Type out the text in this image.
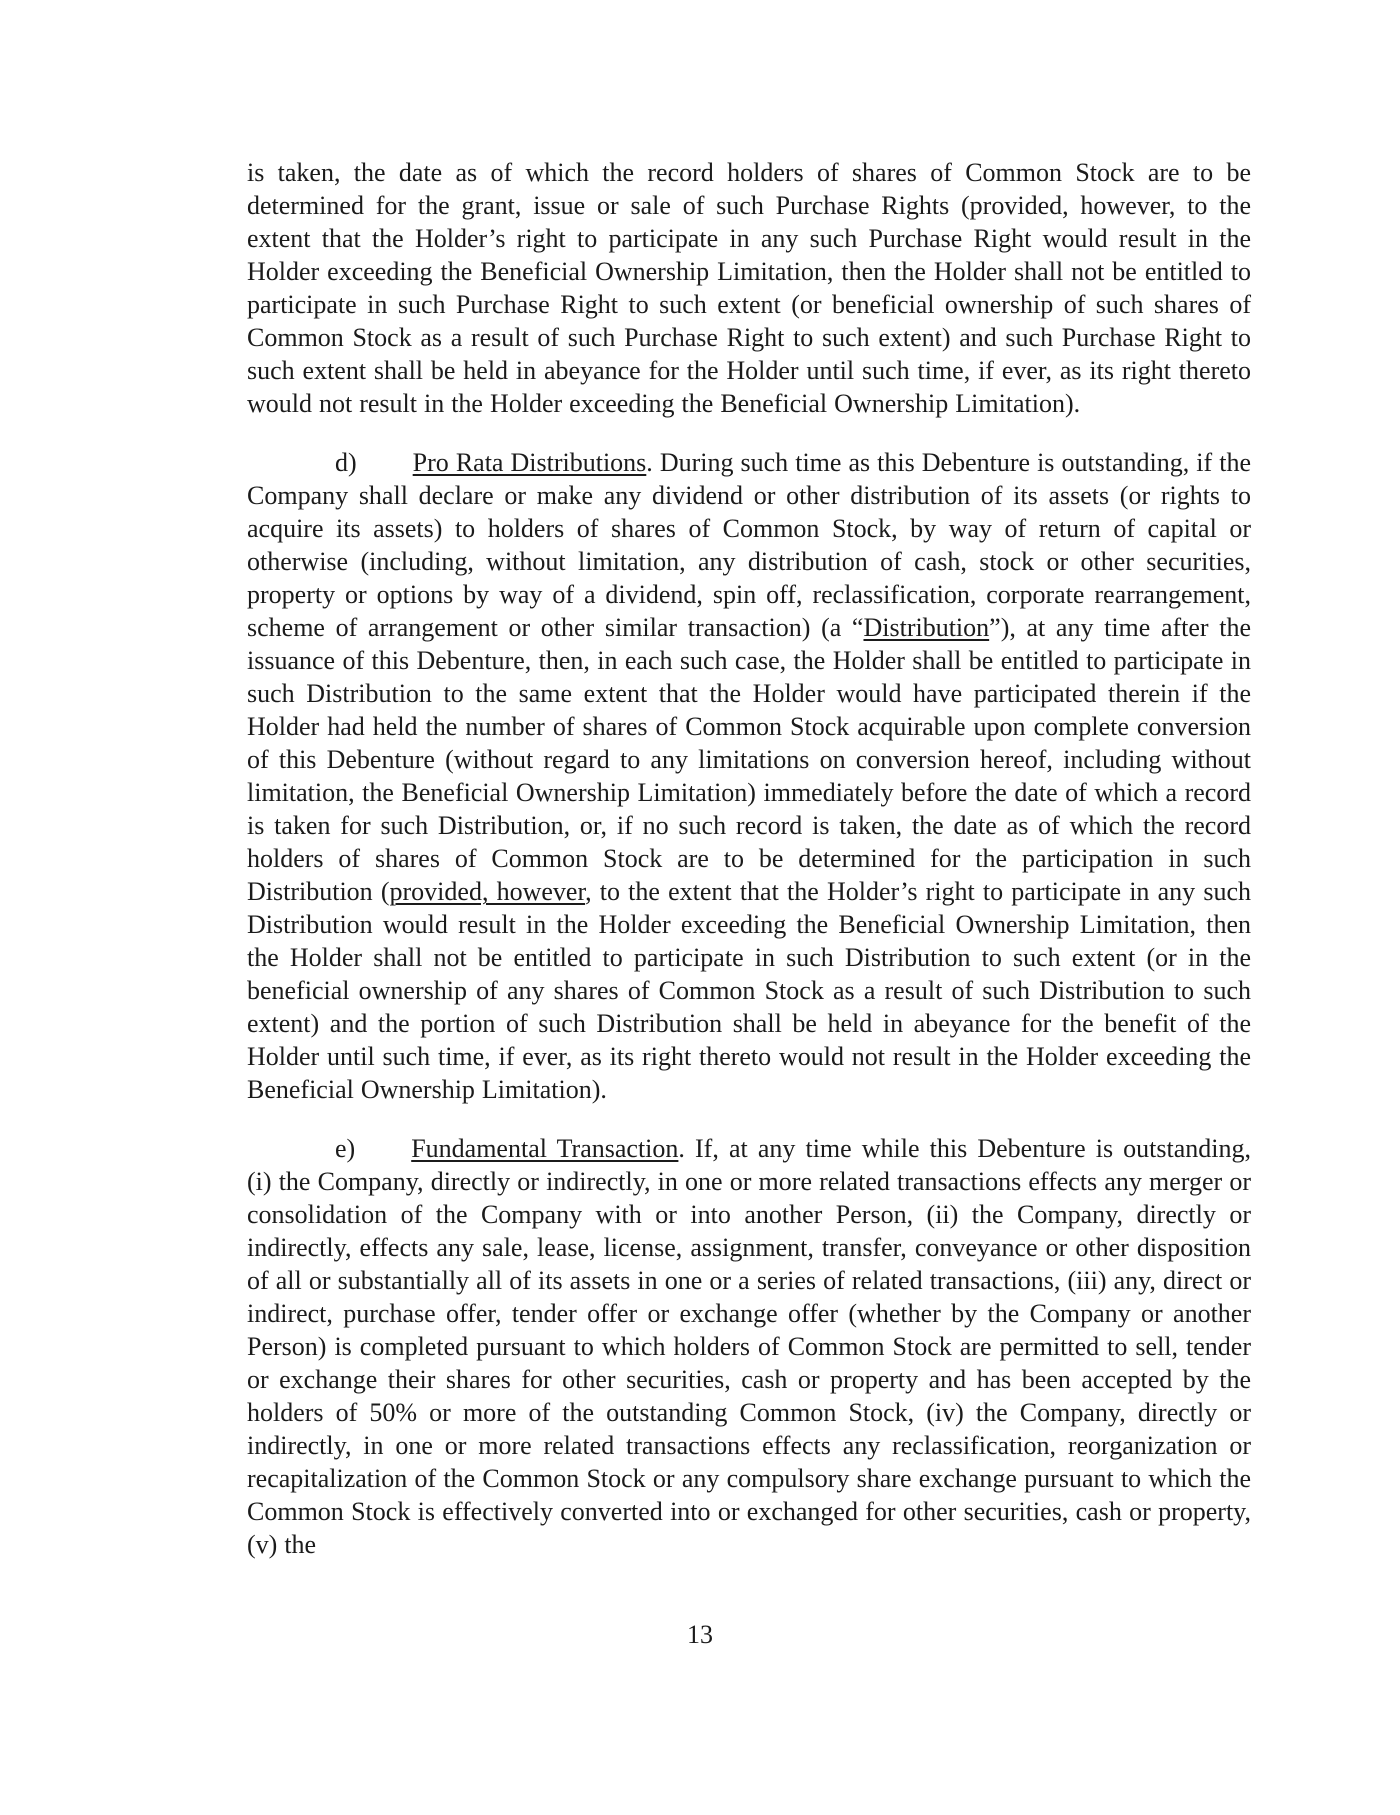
is taken, the date as of which the record holders of shares of Common Stock are to be determined for the grant, issue or sale of such Purchase Rights (provided, however, to the extent that the Holder’s right to participate in any such Purchase Right would result in the Holder exceeding the Beneficial Ownership Limitation, then the Holder shall not be entitled to participate in such Purchase Right to such extent (or beneficial ownership of such shares of Common Stock as a result of such Purchase Right to such extent) and such Purchase Right to such extent shall be held in abeyance for the Holder until such time, if ever, as its right thereto would not result in the Holder exceeding the Beneficial Ownership Limitation).

d) Pro Rata Distributions. During such time as this Debenture is outstanding, if the Company shall declare or make any dividend or other distribution of its assets (or rights to acquire its assets) to holders of shares of Common Stock, by way of return of capital or otherwise (including, without limitation, any distribution of cash, stock or other securities, property or options by way of a dividend, spin off, reclassification, corporate rearrangement, scheme of arrangement or other similar transaction) (a “Distribution”), at any time after the issuance of this Debenture, then, in each such case, the Holder shall be entitled to participate in such Distribution to the same extent that the Holder would have participated therein if the Holder had held the number of shares of Common Stock acquirable upon complete conversion of this Debenture (without regard to any limitations on conversion hereof, including without limitation, the Beneficial Ownership Limitation) immediately before the date of which a record is taken for such Distribution, or, if no such record is taken, the date as of which the record holders of shares of Common Stock are to be determined for the participation in such Distribution (provided, however, to the extent that the Holder’s right to participate in any such Distribution would result in the Holder exceeding the Beneficial Ownership Limitation, then the Holder shall not be entitled to participate in such Distribution to such extent (or in the beneficial ownership of any shares of Common Stock as a result of such Distribution to such extent) and the portion of such Distribution shall be held in abeyance for the benefit of the Holder until such time, if ever, as its right thereto would not result in the Holder exceeding the Beneficial Ownership Limitation).

e) Fundamental Transaction. If, at any time while this Debenture is outstanding, (i) the Company, directly or indirectly, in one or more related transactions effects any merger or consolidation of the Company with or into another Person, (ii) the Company, directly or indirectly, effects any sale, lease, license, assignment, transfer, conveyance or other disposition of all or substantially all of its assets in one or a series of related transactions, (iii) any, direct or indirect, purchase offer, tender offer or exchange offer (whether by the Company or another Person) is completed pursuant to which holders of Common Stock are permitted to sell, tender or exchange their shares for other securities, cash or property and has been accepted by the holders of 50% or more of the outstanding Common Stock, (iv) the Company, directly or indirectly, in one or more related transactions effects any reclassification, reorganization or recapitalization of the Common Stock or any compulsory share exchange pursuant to which the Common Stock is effectively converted into or exchanged for other securities, cash or property, (v) the

13
